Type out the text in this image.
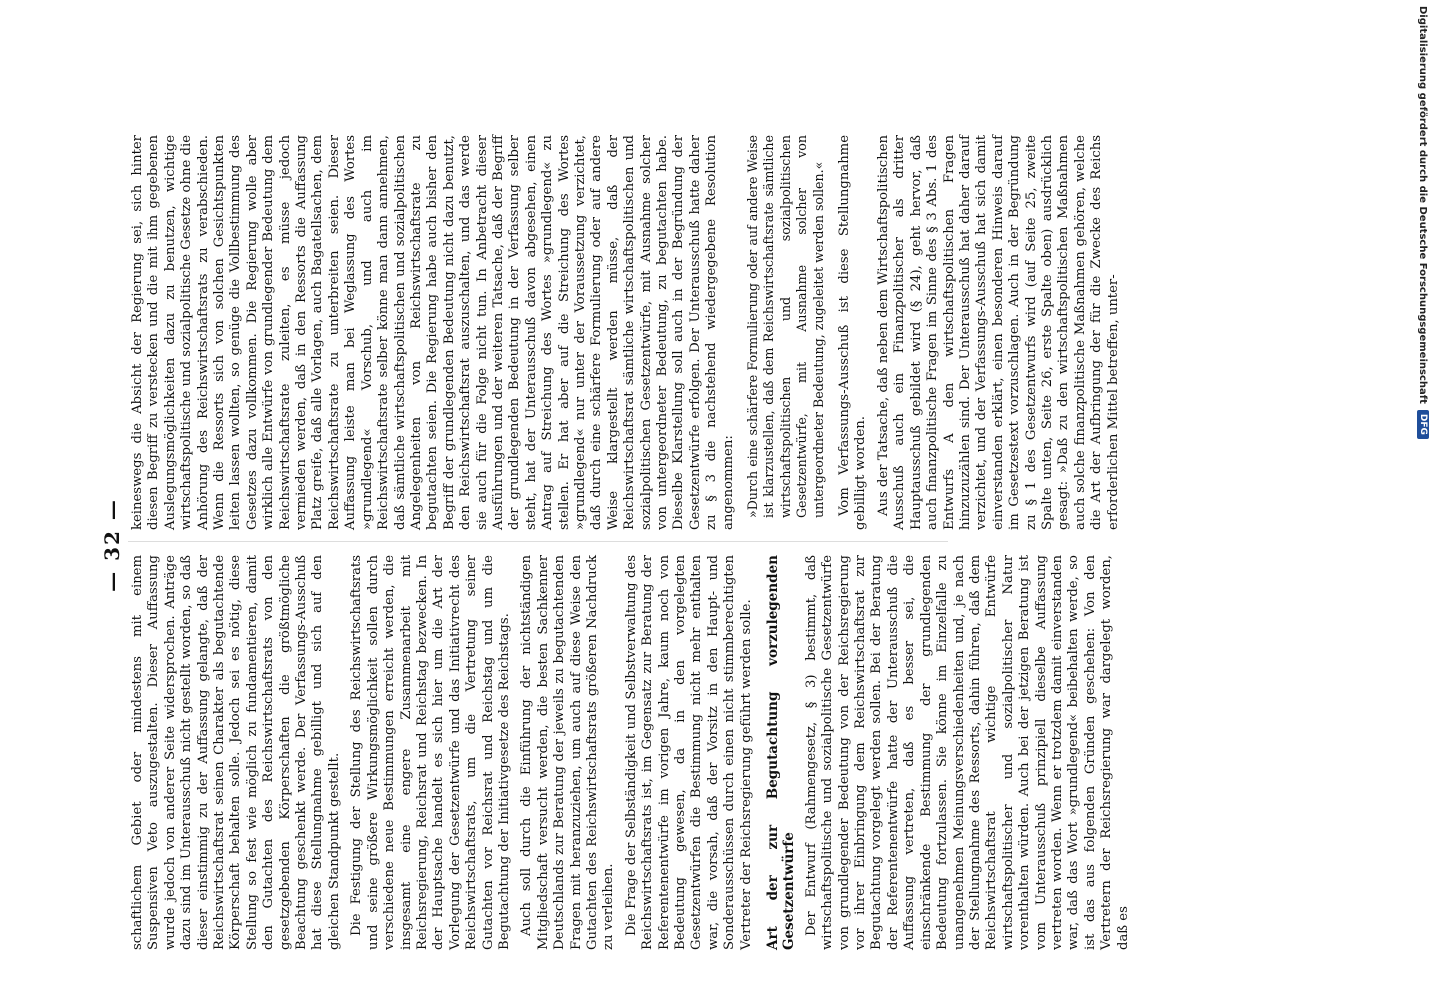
— 32 —

schaftlichem Gebiet oder mindestens mit einem Suspensiven Veto auszugestalten. Dieser Auffassung wurde jedoch von anderer Seite widersprochen. Anträge dazu sind im Unterausschuß nicht gestellt worden, so daß dieser einstimmig zu der Auffassung gelangte, daß der Reichswirtschaftsrat seinen Charakter als begutachtende Körperschaft behalten solle. Jedoch sei es nötig, diese Stellung so fest wie möglich zu fundamentieren, damit den Gutachten des Reichswirtschaftsrats von den gesetzgebenden Körperschaften die größtmögliche Beachtung geschenkt werde. Der Verfassungs-Ausschuß hat diese Stellungnahme gebilligt und sich auf den gleichen Standpunkt gestellt. Die Festigung der Stellung des Reichswirtschaftsrats und seine größere Wirkungsmöglichkeit sollen durch verschiedene neue Bestimmungen erreicht werden, die insgesamt eine engere Zusammenarbeit mit Reichsregierung, Reichsrat und Reichstag bezwecken. In der Hauptsache handelt es sich hier um die Art der Vorlegung der Gesetzentwürfe und das Initiativrecht des Reichswirtschaftsrats, um die Vertretung seiner Gutachten vor Reichsrat und Reichstag und um die Begutachtung der Initiativgesetze des Reichstags. Auch soll durch die Einführung der nichtständigen Mitgliedschaft versucht werden, die besten Sachkenner Deutschlands zur Beratung der jeweils zu begutachtenden Fragen mit heranzuziehen, um auch auf diese Weise den Gutachten des Reichswirtschaftsrats größeren Nachdruck zu verleihen. Die Frage der Selbständigkeit und Selbstverwaltung des Reichswirtschaftsrats ist, im Gegensatz zur Beratung der Referentenentwürfe im vorigen Jahre, kaum noch von Bedeutung gewesen, da in den vorgelegten Gesetzentwürfen die Bestimmung nicht mehr enthalten war, die vorsah, daß der Vorsitz in den Haupt- und Sonderausschüssen durch einen nicht stimmberechtigten Vertreter der Reichsregierung geführt werden solle. Art der zur Begutachtung vorzulegenden Gesetzentwürfe Der Entwurf (Rahmengesetz, § 3) bestimmt, daß wirtschaftspolitische und sozialpolitische Gesetzentwürfe von grundlegender Bedeutung von der Reichsregierung vor ihrer Einbringung dem Reichswirtschaftsrat zur Begutachtung vorgelegt werden sollen. Bei der Beratung der Referentenentwürfe hatte der Unterausschuß die Auffassung vertreten, daß es besser sei, die einschränkende Bestimmung der grundlegenden Bedeutung fortzulassen. Sie könne im Einzelfalle zu unangenehmen Meinungsverschiedenheiten und, je nach der Stellungnahme des Ressorts, dahin führen, daß dem Reichswirtschaftsrat wichtige Entwürfe wirtschaftspolitischer und sozialpolitischer Natur vorenthalten würden. Auch bei der jetzigen Beratung ist vom Unterausschuß prinzipiell dieselbe Auffassung vertreten worden. Wenn er trotzdem damit einverstanden war, daß das Wort »grundlegend« beibehalten werde, so ist das aus folgenden Gründen geschehen: Von den Vertretern der Reichsregierung war dargelegt worden, daß es

keineswegs die Absicht der Regierung sei, sich hinter diesen Begriff zu verstecken und die mit ihm gegebenen Auslegungsmöglichkeiten dazu zu benutzen, wichtige wirtschaftspolitische und sozialpolitische Gesetze ohne die Anhörung des Reichswirtschaftsrats zu verabschieden. Wenn die Ressorts sich von solchen Gesichtspunkten leiten lassen wollten, so genüge die Vollbestimmung des Gesetzes dazu vollkommen. Die Regierung wolle aber wirklich alle Entwürfe von grundlegender Bedeutung dem Reichswirtschaftsrate zuleiten, es müsse jedoch vermieden werden, daß in den Ressorts die Auffassung Platz greife, daß alle Vorlagen, auch Bagatellsachen, dem Reichswirtschaftsrate zu unterbreiten seien. Dieser Auffassung leiste man bei Weglassung des Wortes »grundlegend« Vorschub, und auch im Reichswirtschaftsrate selber könne man dann annehmen, daß sämtliche wirtschaftspolitischen und sozialpolitischen Angelegenheiten von Reichswirtschaftsrate zu begutachten seien. Die Regierung habe auch bisher den Begriff der grundlegenden Bedeutung nicht dazu benutzt, den Reichswirtschaftsrat auszuschalten, und das werde sie auch für die Folge nicht tun. In Anbetracht dieser Ausführungen und der weiteren Tatsache, daß der Begriff der grundlegenden Bedeutung in der Verfassung selber steht, hat der Unterausschuß davon abgesehen, einen Antrag auf Streichung des Wortes »grundlegend« zu stellen. Er hat aber auf die Streichung des Wortes »grundlegend« nur unter der Voraussetzung verzichtet, daß durch eine schärfere Formulierung oder auf andere Weise klargestellt werden müsse, daß der Reichswirtschaftsrat sämtliche wirtschaftspolitischen und sozialpolitischen Gesetzentwürfe, mit Ausnahme solcher von untergeordneter Bedeutung, zu begutachten habe. Dieselbe Klarstellung soll auch in der Begründung der Gesetzentwürfe erfolgen. Der Unterausschuß hatte daher zu § 3 die nachstehend wiedergegebene Resolution angenommen: »Durch eine schärfere Formulierung oder auf andere Weise ist klarzustellen, daß dem Reichswirtschaftsrate sämtliche wirtschaftspolitischen und sozialpolitischen Gesetzentwürfe, mit Ausnahme solcher von untergeordneter Bedeutung, zugeleitet werden sollen.« Vom Verfassungs-Ausschuß ist diese Stellungnahme gebilligt worden. Aus der Tatsache, daß neben dem Wirtschaftspolitischen Ausschuß auch ein Finanzpolitischer als dritter Hauptausschuß gebildet wird (§ 24), geht hervor, daß auch finanzpolitische Fragen im Sinne des § 3 Abs. 1 des Entwurfs A den wirtschaftspolitischen Fragen hinzuzuzählen sind. Der Unterausschuß hat daher darauf verzichtet, und der Verfassungs-Ausschuß hat sich damit einverstanden erklärt, einen besonderen Hinweis darauf im Gesetzestext vorzuschlagen. Auch in der Begründung zu § 1 des Gesetzentwurfs wird (auf Seite 25, zweite Spalte unten, Seite 26, erste Spalte oben) ausdrücklich gesagt: »Daß zu den wirtschaftspolitischen Maßnahmen auch solche finanzpolitische Maßnahmen gehören, welche die Art der Aufbringung der für die Zwecke des Reichs erforderlichen Mittel betreffen, unter-	Digitalisierung gefördert durch die Deutsche Forschungsgemeinschaft
DFG
